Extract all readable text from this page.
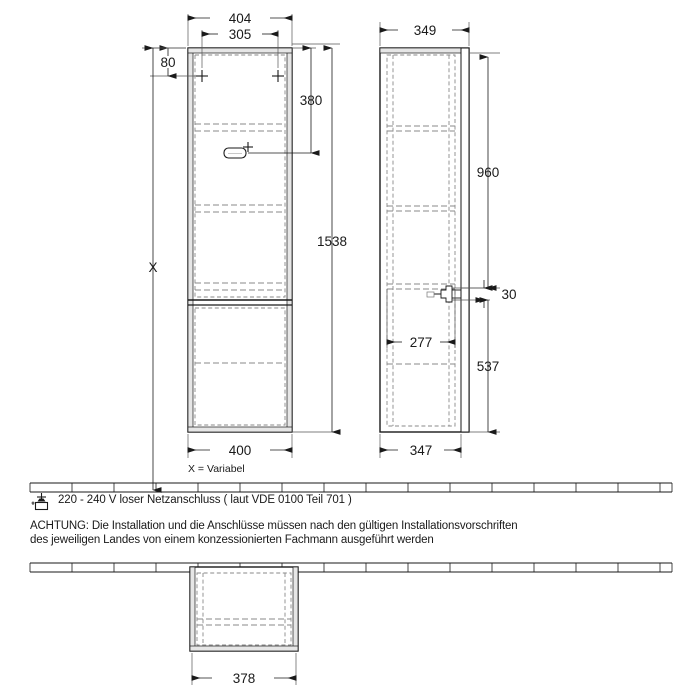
404
305
80
380
1538
X
400
349
960
30
277
537
347
378
X = Variabel
220 - 240 V loser Netzanschluss ( laut VDE 0100 Teil 701 )
ACHTUNG: Die Installation und die Anschlüsse müssen nach den gültigen Installationsvorschriften
des jeweiligen Landes von einem konzessionierten Fachmann ausgeführt werden
